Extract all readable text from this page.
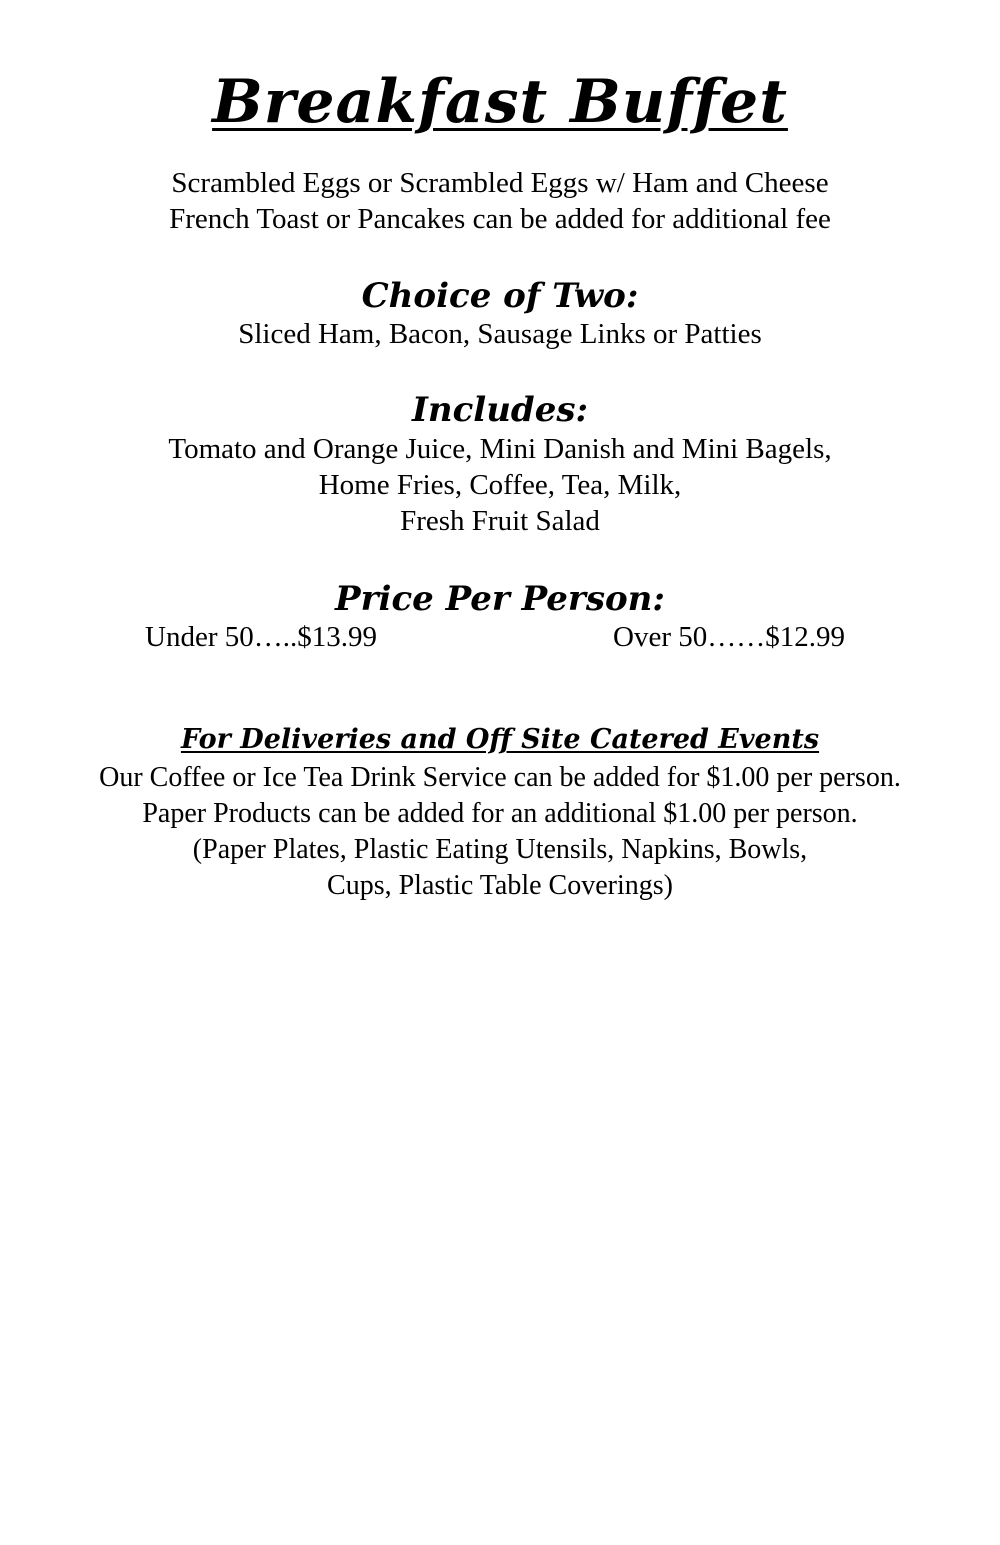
Breakfast Buffet
Scrambled Eggs or Scrambled Eggs w/ Ham and Cheese
French Toast or Pancakes can be added for additional fee
Choice of Two:
Sliced Ham, Bacon, Sausage Links or Patties
Includes:
Tomato and Orange Juice, Mini Danish and Mini Bagels,
Home Fries, Coffee, Tea, Milk,
Fresh Fruit Salad
Price Per Person:
Under 50…..$13.99	Over 50……$12.99
For Deliveries and Off Site Catered Events
Our Coffee or Ice Tea Drink Service can be added for $1.00 per person.
Paper Products can be added for an additional $1.00 per person.
(Paper Plates, Plastic Eating Utensils, Napkins, Bowls,
Cups, Plastic Table Coverings)
